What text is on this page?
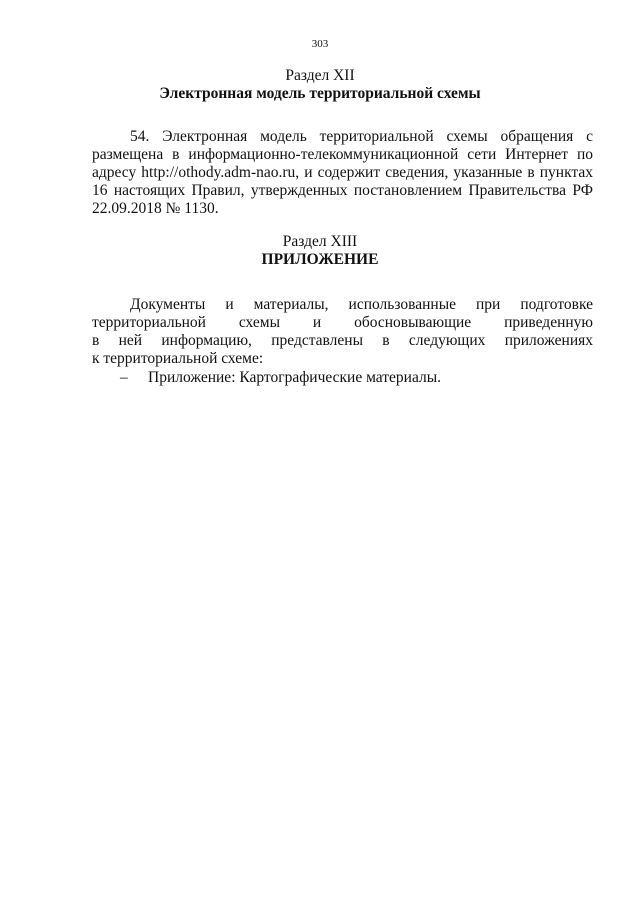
303
Раздел XII
Электронная модель территориальной схемы
54. Электронная модель территориальной схемы обращения с
размещена в информационно-телекоммуникационной сети Интернет по
адресу http://othody.adm-nao.ru, и содержит сведения, указанные в пунктах
16 настоящих Правил, утвержденных постановлением Правительства РФ
22.09.2018 № 1130.
Раздел XIII
ПРИЛОЖЕНИЕ
Документы и материалы, использованные при подготовке
территориальной схемы и обосновывающие приведенную
в ней информацию, представлены в следующих приложениях
к территориальной схеме:
– Приложение: Картографические материалы.
